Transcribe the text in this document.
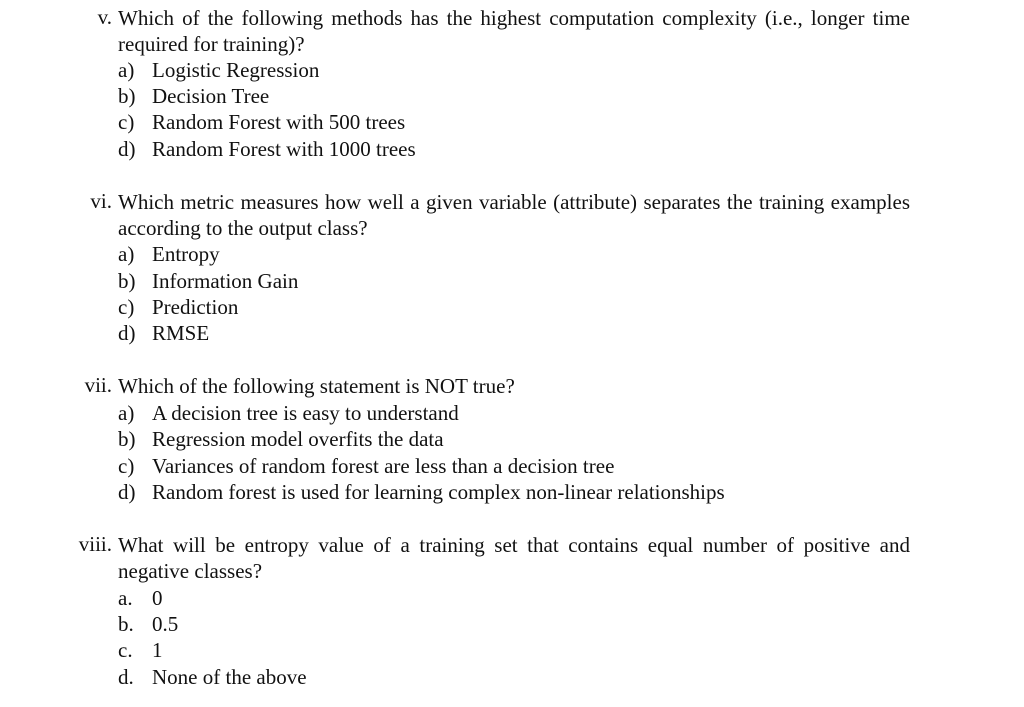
v. Which of the following methods has the highest computation complexity (i.e., longer time required for training)?
a) Logistic Regression
b) Decision Tree
c) Random Forest with 500 trees
d) Random Forest with 1000 trees
vi. Which metric measures how well a given variable (attribute) separates the training examples according to the output class?
a) Entropy
b) Information Gain
c) Prediction
d) RMSE
vii. Which of the following statement is NOT true?
a) A decision tree is easy to understand
b) Regression model overfits the data
c) Variances of random forest are less than a decision tree
d) Random forest is used for learning complex non-linear relationships
viii. What will be entropy value of a training set that contains equal number of positive and negative classes?
a. 0
b. 0.5
c. 1
d. None of the above
